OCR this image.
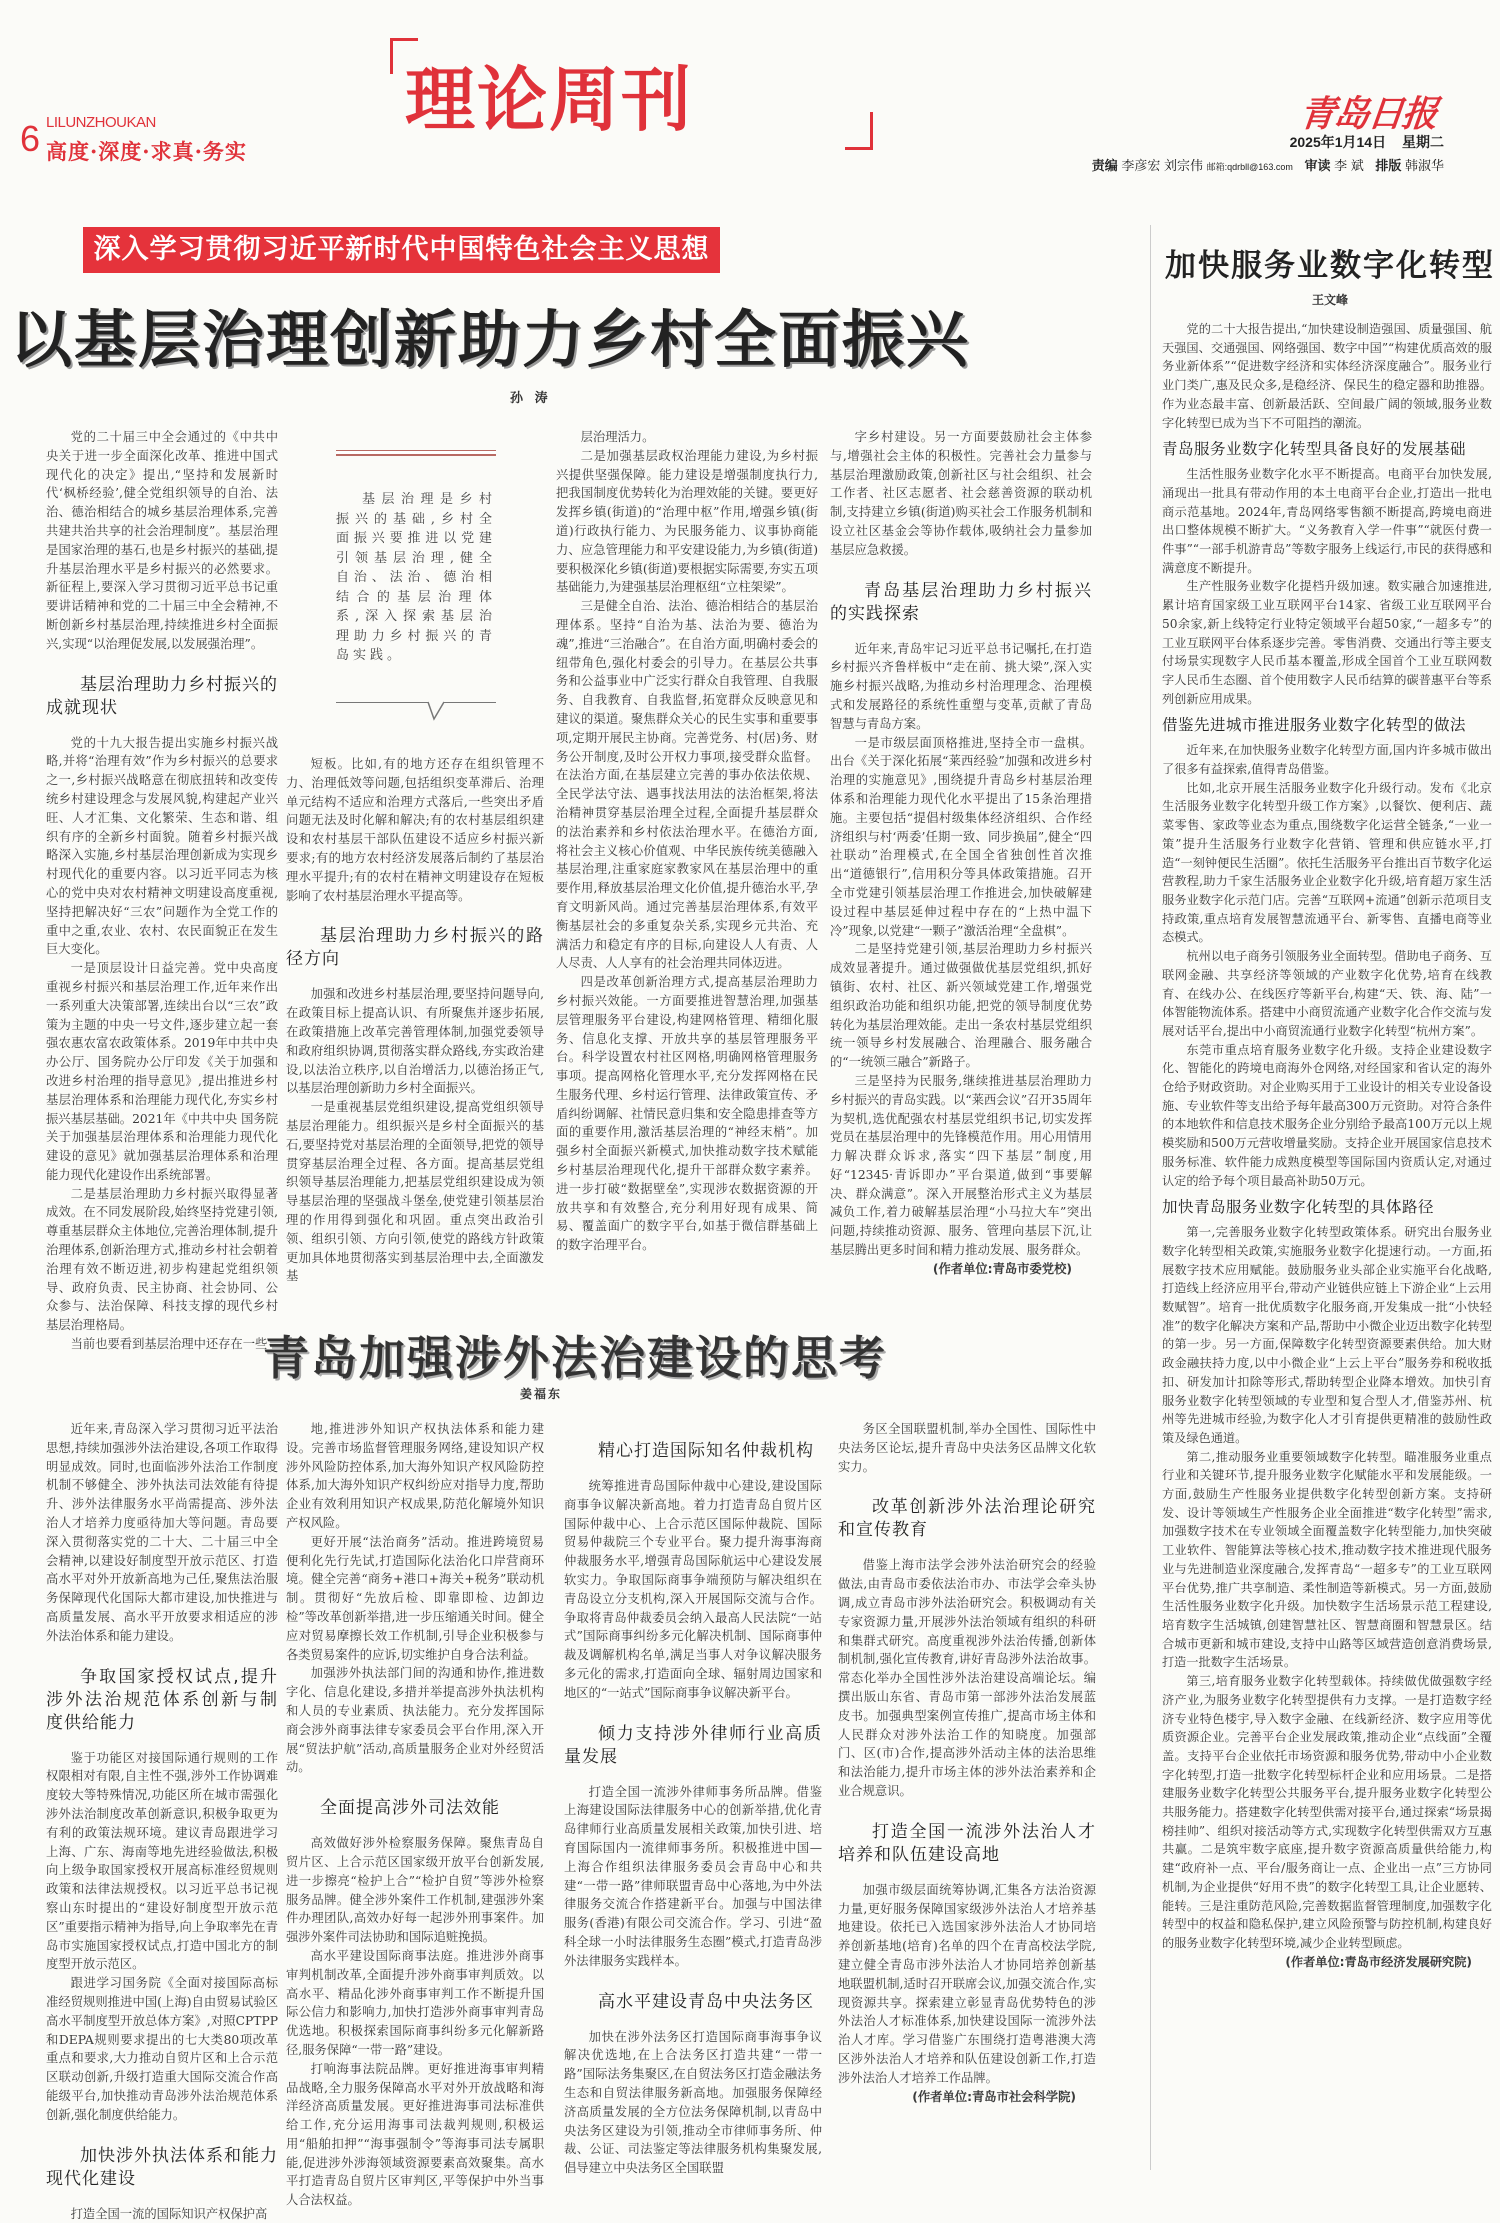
6 LILUNZHOUKAN
高度·深度·求真·务实
理论周刊	青岛日报
2025年1月14日 星期二
责编 李彦宏 刘宗伟 邮箱:qdrbll@163.com 审读 李 斌 排版 韩淑华
深入学习贯彻习近平新时代中国特色社会主义思想
以基层治理创新助力乡村全面振兴
孙 涛

党的二十届三中全会通过的《中共中央关于进一步全面深化改革、推进中国式现代化的决定》提出,“坚持和发展新时代‘枫桥经验’,健全党组织领导的自治、法治、德治相结合的城乡基层治理体系,完善共建共治共享的社会治理制度”。基层治理是国家治理的基石,也是乡村振兴的基础,提升基层治理水平是乡村振兴的必然要求。新征程上,要深入学习贯彻习近平总书记重要讲话精神和党的二十届三中全会精神,不断创新乡村基层治理,持续推进乡村全面振兴,实现“以治理促发展,以发展强治理”。

基层治理助力乡村振兴的成就现状

党的十九大报告提出实施乡村振兴战略,并将“治理有效”作为乡村振兴的总要求之一,乡村振兴战略意在彻底扭转和改变传统乡村建设理念与发展风貌,构建起产业兴旺、人才汇集、文化繁荣、生态和谐、组织有序的全新乡村面貌。随着乡村振兴战略深入实施,乡村基层治理创新成为实现乡村现代化的重要内容。以习近平同志为核心的党中央对农村精神文明建设高度重视,坚持把解决好“三农”问题作为全党工作的重中之重,农业、农村、农民面貌正在发生巨大变化。

一是顶层设计日益完善。党中央高度重视乡村振兴和基层治理工作,近年来作出一系列重大决策部署,连续出台以“三农”政策为主题的中央一号文件,逐步建立起一套强农惠农富农政策体系。2019年中共中央办公厅、国务院办公厅印发《关于加强和改进乡村治理的指导意见》,提出推进乡村基层治理体系和治理能力现代化,夯实乡村振兴基层基础。2021年《中共中央 国务院关于加强基层治理体系和治理能力现代化建设的意见》就加强基层治理体系和治理能力现代化建设作出系统部署。

二是基层治理助力乡村振兴取得显著成效。在不同发展阶段,始终坚持党建引领,尊重基层群众主体地位,完善治理体制,提升治理体系,创新治理方式,推动乡村社会朝着治理有效不断迈进,初步构建起党组织领导、政府负责、民主协商、社会协同、公众参与、法治保障、科技支撑的现代乡村基层治理格局。

当前也要看到基层治理中还存在一些

短板。比如,有的地方还存在组织管理不力、治理低效等问题,包括组织变革滞后、治理单元结构不适应和治理方式落后,一些突出矛盾问题无法及时化解和解决;有的农村基层组织建设和农村基层干部队伍建设不适应乡村振兴新要求;有的地方农村经济发展落后制约了基层治理水平提升;有的农村在精神文明建设存在短板影响了农村基层治理水平提高等。

基层治理助力乡村振兴的路径方向

加强和改进乡村基层治理,要坚持问题导向,在政策目标上提高认识、有所聚焦并逐步拓展,在政策措施上改革完善管理体制,加强党委领导和政府组织协调,贯彻落实群众路线,夯实政治建设,以法治立秩序,以自治增活力,以德治扬正气,以基层治理创新助力乡村全面振兴。

一是重视基层党组织建设,提高党组织领导基层治理能力。组织振兴是乡村全面振兴的基石,要坚持党对基层治理的全面领导,把党的领导贯穿基层治理全过程、各方面。提高基层党组织领导基层治理能力,把基层党组织建设成为领导基层治理的坚强战斗堡垒,使党建引领基层治理的作用得到强化和巩固。重点突出政治引领、组织引领、方向引领,使党的路线方针政策更加具体地贯彻落实到基层治理中去,全面激发基

层治理活力。

二是加强基层政权治理能力建设,为乡村振兴提供坚强保障。能力建设是增强制度执行力,把我国制度优势转化为治理效能的关键。要更好发挥乡镇(街道)的“治理中枢”作用,增强乡镇(街道)行政执行能力、为民服务能力、议事协商能力、应急管理能力和平安建设能力,为乡镇(街道)要积极深化乡镇(街道)要根据实际需要,夯实五项基础能力,为建强基层治理枢纽“立柱架梁”。

三是健全自治、法治、德治相结合的基层治理体系。坚持“自治为基、法治为要、德治为魂”,推进“三治融合”。在自治方面,明确村委会的纽带角色,强化村委会的引导力。在基层公共事务和公益事业中广泛实行群众自我管理、自我服务、自我教育、自我监督,拓宽群众反映意见和建议的渠道。聚焦群众关心的民生实事和重要事项,定期开展民主协商。完善党务、村(居)务、财务公开制度,及时公开权力事项,接受群众监督。在法治方面,在基层建立完善的事办依法依规、全民学法守法、遇事找法用法的法治框架,将法治精神贯穿基层治理全过程,全面提升基层群众的法治素养和乡村依法治理水平。在德治方面,将社会主义核心价值观、中华民族传统美德融入基层治理,注重家庭家教家风在基层治理中的重要作用,释放基层治理文化价值,提升德治水平,孕育文明新风尚。通过完善基层治理体系,有效平衡基层社会的多重复杂关系,实现乡元共治、充满活力和稳定有序的目标,向建设人人有责、人人尽责、人人享有的社会治理共同体迈进。

四是改革创新治理方式,提高基层治理助力乡村振兴效能。一方面要推进智慧治理,加强基层管理服务平台建设,构建网格管理、精细化服务、信息化支撑、开放共享的基层管理服务平台。科学设置农村社区网格,明确网格管理服务事项。提高网格化管理水平,充分发挥网格在民生服务代理、乡村运行管理、法律政策宣传、矛盾纠纷调解、社情民意归集和安全隐患排查等方面的重要作用,激活基层治理的“神经末梢”。加强乡村全面振兴新模式,加快推动数字技术赋能乡村基层治理现代化,提升干部群众数字素养。进一步打破“数据壁垒”,实现涉农数据资源的开放共享和有效整合,充分利用好现有成果、简易、覆盖面广的数字平台,如基于微信群基础上的数字治理平台。

字乡村建设。另一方面要鼓励社会主体参与,增强社会主体的积极性。完善社会力量参与基层治理激励政策,创新社区与社会组织、社会工作者、社区志愿者、社会慈善资源的联动机制,支持建立乡镇(街道)购买社会工作服务机制和设立社区基金会等协作载体,吸纳社会力量参加基层应急救援。

青岛基层治理助力乡村振兴的实践探索

近年来,青岛牢记习近平总书记嘱托,在打造乡村振兴齐鲁样板中“走在前、挑大梁”,深入实施乡村振兴战略,为推动乡村治理理念、治理模式和发展路径的系统性重塑与变革,贡献了青岛智慧与青岛方案。

一是市级层面顶格推进,坚持全市一盘棋。出台《关于深化拓展“莱西经验”加强和改进乡村治理的实施意见》,围绕提升青岛乡村基层治理体系和治理能力现代化水平提出了15条治理措施。主要包括“提倡村级集体经济组织、合作经济组织与村‘两委’任期一致、同步换届”,健全“四社联动”治理模式,在全国全省独创性首次推出“道德银行”,信用积分等具体政策措施。召开全市党建引领基层治理工作推进会,加快破解建设过程中基层延伸过程中存在的“上热中温下冷”现象,以党建“一颗子”激活治理“全盘棋”。

二是坚持党建引领,基层治理助力乡村振兴成效显著提升。通过做强做优基层党组织,抓好镇街、农村、社区、新兴领域党建工作,增强党组织政治功能和组织功能,把党的领导制度优势转化为基层治理效能。走出一条农村基层党组织统一领导乡村发展融合、治理融合、服务融合的“一统领三融合”新路子。

三是坚持为民服务,继续推进基层治理助力乡村振兴的青岛实践。以“莱西会议”召开35周年为契机,选优配强农村基层党组织书记,切实发挥党员在基层治理中的先锋模范作用。用心用情用力解决群众诉求,落实“四下基层”制度,用好“12345·青诉即办”平台渠道,做到“事要解决、群众满意”。深入开展整治形式主义为基层减负工作,着力破解基层治理“小马拉大车”突出问题,持续推动资源、服务、管理向基层下沉,让基层腾出更多时间和精力推动发展、服务群众。

(作者单位:青岛市委党校)

基层治理是乡村振兴的基础,乡村全面振兴要推进以党建引领基层治理,健全自治、法治、德治相结合的基层治理体系,深入探索基层治理助力乡村振兴的青岛实践。
青岛加强涉外法治建设的思考
姜福东

近年来,青岛深入学习贯彻习近平法治思想,持续加强涉外法治建设,各项工作取得明显成效。同时,也面临涉外法治工作制度机制不够健全、涉外执法司法效能有待提升、涉外法律服务水平尚需提高、涉外法治人才培养力度亟待加大等问题。青岛要深入贯彻落实党的二十大、二十届三中全会精神,以建设好制度型开放示范区、打造高水平对外开放新高地为己任,聚焦法治服务保障现代化国际大都市建设,加快推进与高质量发展、高水平开放要求相适应的涉外法治体系和能力建设。

争取国家授权试点,提升涉外法治规范体系创新与制度供给能力

鉴于功能区对接国际通行规则的工作权限相对有限,自主性不强,涉外工作协调难度较大等特殊情况,功能区所在城市需强化涉外法治制度改革创新意识,积极争取更为有利的政策法规环境。建议青岛跟进学习上海、广东、海南等地先进经验做法,积极向上级争取国家授权开展高标准经贸规则政策和法律法规授权。以习近平总书记视察山东时提出的“建设好制度型开放示范区”重要指示精神为指导,向上争取率先在青岛市实施国家授权试点,打造中国北方的制度型开放示范区。

跟进学习国务院《全面对接国际高标准经贸规则推进中国(上海)自由贸易试验区高水平制度型开放总体方案》,对照CPTPP和DEPA规则要求提出的七大类80项改革重点和要求,大力推动自贸片区和上合示范区联动创新,升级打造重大国际交流合作高能级平台,加快推动青岛涉外法治规范体系创新,强化制度供给能力。

加快涉外执法体系和能力现代化建设

打造全国一流的国际知识产权保护高

地,推进涉外知识产权执法体系和能力建设。完善市场监督管理服务网络,建设知识产权涉外风险防控体系,加大海外知识产权风险防控体系,加大海外知识产权纠纷应对指导力度,帮助企业有效利用知识产权成果,防范化解境外知识产权风险。

更好开展“法治商务”活动。推进跨境贸易便利化先行先试,打造国际化法治化口岸营商环境。健全完善“商务+港口+海关+税务”联动机制。贯彻好“先放后检、即靠即检、边卸边检”等改革创新举措,进一步压缩通关时间。健全应对贸易摩擦长效工作机制,引导企业积极参与各类贸易案件的应诉,切实维护自身合法利益。

加强涉外执法部门间的沟通和协作,推进数字化、信息化建设,多措并举提高涉外执法机构和人员的专业素质、执法能力。充分发挥国际商会涉外商事法律专家委员会平台作用,深入开展“贸法护航”活动,高质量服务企业对外经贸活动。

全面提高涉外司法效能

高效做好涉外检察服务保障。聚焦青岛自贸片区、上合示范区国家级开放平台创新发展,进一步擦亮“检护上合”“检护自贸”等涉外检察服务品牌。健全涉外案件工作机制,建强涉外案件办理团队,高效办好每一起涉外刑事案件。加强涉外案件司法协助和国际追赃挽损。

高水平建设国际商事法庭。推进涉外商事审判机制改革,全面提升涉外商事审判质效。以高水平、精品化涉外商事审判工作不断提升国际公信力和影响力,加快打造涉外商事审判青岛优选地。积极探索国际商事纠纷多元化解新路径,服务保障“一带一路”建设。

打响海事法院品牌。更好推进海事审判精品战略,全力服务保障高水平对外开放战略和海洋经济高质量发展。更好推进海事司法标准供给工作,充分运用海事司法裁判规则,积极运用“船舶扣押”“海事强制令”等海事司法专属职能,促进涉外涉海领域资源要素高效聚集。高水平打造青岛自贸片区审判区,平等保护中外当事人合法权益。

精心打造国际知名仲裁机构

统筹推进青岛国际仲裁中心建设,建设国际商事争议解决新高地。着力打造青岛自贸片区国际仲裁中心、上合示范区国际仲裁院、国际贸易仲裁院三个专业平台。聚力提升海事海商仲裁服务水平,增强青岛国际航运中心建设发展软实力。争取国际商事争端预防与解决组织在青岛设立分支机构,深入开展国际交流与合作。争取将青岛仲裁委员会纳入最高人民法院“一站式”国际商事纠纷多元化解决机制、国际商事仲裁及调解机构名单,满足当事人对争议解决服务多元化的需求,打造面向全球、辐射周边国家和地区的“一站式”国际商事争议解决新平台。

倾力支持涉外律师行业高质量发展

打造全国一流涉外律师事务所品牌。借鉴上海建设国际法律服务中心的创新举措,优化青岛律师行业高质量发展相关政策,加快引进、培育国际国内一流律师事务所。积极推进中国—上海合作组织法律服务委员会青岛中心和共建“一带一路”律师联盟青岛中心落地,为中外法律服务交流合作搭建新平台。加强与中国法律服务(香港)有限公司交流合作。学习、引进“盈科全球一小时法律服务生态圈”模式,打造青岛涉外法律服务实践样本。

高水平建设青岛中央法务区

加快在涉外法务区打造国际商事海事争议解决优选地,在上合法务区打造共建“一带一路”国际法务集聚区,在自贸法务区打造金融法务生态和自贸法律服务新高地。加强服务保障经济高质量发展的全方位法务保障机制,以青岛中央法务区建设为引领,推动全市律师事务所、仲裁、公证、司法鉴定等法律服务机构集聚发展,倡导建立中央法务区全国联盟

务区全国联盟机制,举办全国性、国际性中央法务区论坛,提升青岛中央法务区品牌文化软实力。

改革创新涉外法治理论研究和宣传教育

借鉴上海市法学会涉外法治研究会的经验做法,由青岛市委依法治市办、市法学会牵头协调,成立青岛市涉外法治研究会。积极调动有关专家资源力量,开展涉外法治领域有组织的科研和集群式研究。高度重视涉外法治传播,创新体制机制,强化宣传教育,讲好青岛涉外法治故事。常态化举办全国性涉外法治建设高端论坛。编撰出版山东省、青岛市第一部涉外法治发展蓝皮书。加强典型案例宣传推广,提高市场主体和人民群众对涉外法治工作的知晓度。加强部门、区(市)合作,提高涉外活动主体的法治思维和法治能力,提升市场主体的涉外法治素养和企业合规意识。

打造全国一流涉外法治人才培养和队伍建设高地

加强市级层面统筹协调,汇集各方法治资源力量,更好服务保障国家级涉外法治人才培养基地建设。依托已入选国家涉外法治人才协同培养创新基地(培育)名单的四个在青高校法学院,建立健全青岛市涉外法治人才协同培养创新基地联盟机制,适时召开联席会议,加强交流合作,实现资源共享。探索建立彰显青岛优势特色的涉外法治人才标准体系,加快建设国际一流涉外法治人才库。学习借鉴广东围绕打造粤港澳大湾区涉外法治人才培养和队伍建设创新工作,打造涉外法治人才培养工作品牌。

(作者单位:青岛市社会科学院)

加快服务业数字化转型
王文峰

党的二十大报告提出,“加快建设制造强国、质量强国、航天强国、交通强国、网络强国、数字中国”“构建优质高效的服务业新体系”“促进数字经济和实体经济深度融合”。服务业行业门类广,惠及民众多,是稳经济、保民生的稳定器和助推器。作为业态最丰富、创新最活跃、空间最广阔的领域,服务业数字化转型已成为当下不可阻挡的潮流。

青岛服务业数字化转型具备良好的发展基础

生活性服务业数字化水平不断提高。电商平台加快发展,涌现出一批具有带动作用的本土电商平台企业,打造出一批电商示范基地。2024年,青岛网络零售额不断提高,跨境电商进出口整体规模不断扩大。“义务教育入学一件事”“就医付费一件事”“一部手机游青岛”等数字服务上线运行,市民的获得感和满意度不断提升。

生产性服务业数字化提档升级加速。数实融合加速推进,累计培育国家级工业互联网平台14家、省级工业互联网平台50余家,新上线特定行业特定领域平台超50家,“一超多专”的工业互联网平台体系逐步完善。零售消费、交通出行等主要支付场景实现数字人民币基本覆盖,形成全国首个工业互联网数字人民币生态圈、首个使用数字人民币结算的碳普惠平台等系列创新应用成果。

借鉴先进城市推进服务业数字化转型的做法

近年来,在加快服务业数字化转型方面,国内许多城市做出了很多有益探索,值得青岛借鉴。

比如,北京开展生活服务业数字化升级行动。发布《北京生活服务业数字化转型升级工作方案》,以餐饮、便利店、蔬菜零售、家政等业态为重点,围绕数字化运营全链条,“一业一策”提升生活服务行业数字化营销、管理和供应链水平,打造“一刻钟便民生活圈”。依托生活服务平台推出百节数字化运营教程,助力千家生活服务业企业数字化升级,培育超万家生活服务业数字化示范门店。完善“互联网+流通”创新示范项目支持政策,重点培育发展智慧流通平台、新零售、直播电商等业态模式。

杭州以电子商务引领服务业全面转型。借助电子商务、互联网金融、共享经济等领域的产业数字化优势,培育在线教育、在线办公、在线医疗等新平台,构建“天、铁、海、陆”一体智能物流体系。搭建中小商贸流通产业数字化合作交流与发展对话平台,提出中小商贸流通行业数字化转型“杭州方案”。

东莞市重点培育服务业数字化升级。支持企业建设数字化、智能化的跨境电商海外仓网络,对经国家和省认定的海外仓给予财政资助。对企业购买用于工业设计的相关专业设备设施、专业软件等支出给予每年最高300万元资助。对符合条件的本地软件和信息技术服务企业分别给予最高100万元以上规模奖励和500万元营收增量奖励。支持企业开展国家信息技术服务标准、软件能力成熟度模型等国际国内资质认定,对通过认定的给予每个项目最高补助50万元。

加快青岛服务业数字化转型的具体路径

第一,完善服务业数字化转型政策体系。研究出台服务业数字化转型相关政策,实施服务业数字化提速行动。一方面,拓展数字技术应用赋能。鼓励服务业头部企业实施平台化战略,打造线上经济应用平台,带动产业链供应链上下游企业“上云用数赋智”。培育一批优质数字化服务商,开发集成一批“小快轻准”的数字化解决方案和产品,帮助中小微企业迈出数字化转型的第一步。另一方面,保障数字化转型资源要素供给。加大财政金融扶持力度,以中小微企业“上云上平台”服务券和税收抵扣、研发加计扣除等形式,帮助转型企业降本增效。加快引育服务业数字化转型领域的专业型和复合型人才,借鉴苏州、杭州等先进城市经验,为数字化人才引育提供更精准的鼓励性政策及绿色通道。

第二,推动服务业重要领域数字化转型。瞄准服务业重点行业和关键环节,提升服务业数字化赋能水平和发展能级。一方面,鼓励生产性服务业提供数字化转型创新方案。支持研发、设计等领域生产性服务企业全面推进“数字化转型”需求,加强数字技术在专业领域全面覆盖数字化转型能力,加快突破工业软件、智能算法等核心技术,推动数字技术推进现代服务业与先进制造业深度融合,发挥青岛“一超多专”的工业互联网平台优势,推广共享制造、柔性制造等新模式。另一方面,鼓励生活性服务业数字化升级。加快数字生活场景示范工程建设,培育数字生活城镇,创建智慧社区、智慧商圈和智慧景区。结合城市更新和城市建设,支持中山路等区域营造创意消费场景,打造一批数字生活场景。

第三,培育服务业数字化转型载体。持续做优做强数字经济产业,为服务业数字化转型提供有力支撑。一是打造数字经济专业特色楼宇,导入数字金融、在线新经济、数字应用等优质资源企业。完善平台企业发展政策,推动企业“点线面”全覆盖。支持平台企业依托市场资源和服务优势,带动中小企业数字化转型,打造一批数字化转型标杆企业和应用场景。二是搭建服务业数字化转型公共服务平台,提升服务业数字化转型公共服务能力。搭建数字化转型供需对接平台,通过探索“场景揭榜挂帅”、组织对接活动等方式,实现数字化转型供需双方互惠共赢。二是筑牢数字底座,提升数字资源高质量供给能力,构建“政府补一点、平台/服务商让一点、企业出一点”三方协同机制,为企业提供“好用不贵”的数字化转型工具,让企业愿转、能转。三是注重防范风险,完善数据监督管理制度,加强数字化转型中的权益和隐私保护,建立风险预警与防控机制,构建良好的服务业数字化转型环境,减少企业转型顾虑。

(作者单位:青岛市经济发展研究院)
